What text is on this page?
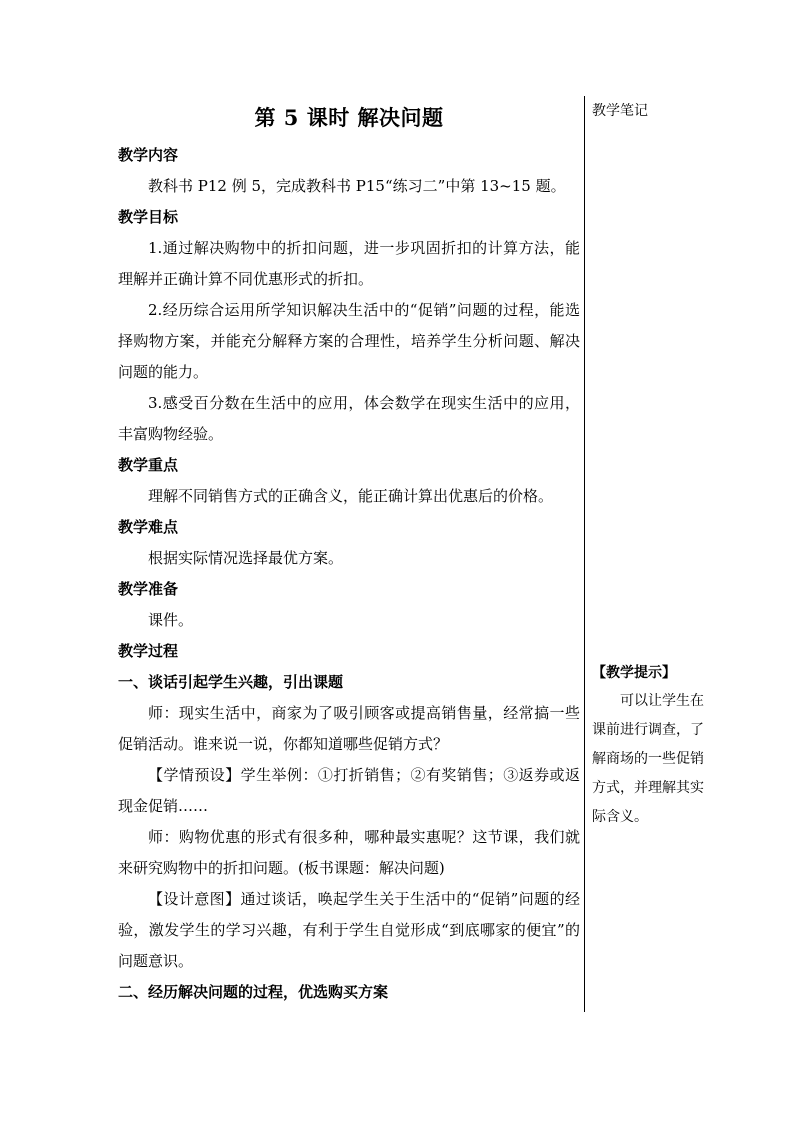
第 5 课时 解决问题
教学内容

教科书 P12 例 5，完成教科书 P15“练习二”中第 13~15 题。

教学目标

1.通过解决购物中的折扣问题，进一步巩固折扣的计算方法，能理解并正确计算不同优惠形式的折扣。

2.经历综合运用所学知识解决生活中的“促销”问题的过程，能选择购物方案，并能充分解释方案的合理性，培养学生分析问题、解决问题的能力。

3.感受百分数在生活中的应用，体会数学在现实生活中的应用，丰富购物经验。

教学重点

理解不同销售方式的正确含义，能正确计算出优惠后的价格。

教学难点

根据实际情况选择最优方案。

教学准备

课件。

教学过程
一、谈话引起学生兴趣，引出课题

师：现实生活中，商家为了吸引顾客或提高销售量，经常搞一些促销活动。谁来说一说，你都知道哪些促销方式？

【学情预设】学生举例：①打折销售；②有奖销售；③返券或返现金促销……

师：购物优惠的形式有很多种，哪种最实惠呢？这节课，我们就来研究购物中的折扣问题。(板书课题：解决问题)

【设计意图】通过谈话，唤起学生关于生活中的“促销”问题的经验，激发学生的学习兴趣，有利于学生自觉形成“到底哪家的便宜”的问题意识。

二、经历解决问题的过程，优选购买方案
教学笔记
【教学提示】

可以让学生在课前进行调查，了解商场的一些促销方式，并理解其实际含义。
